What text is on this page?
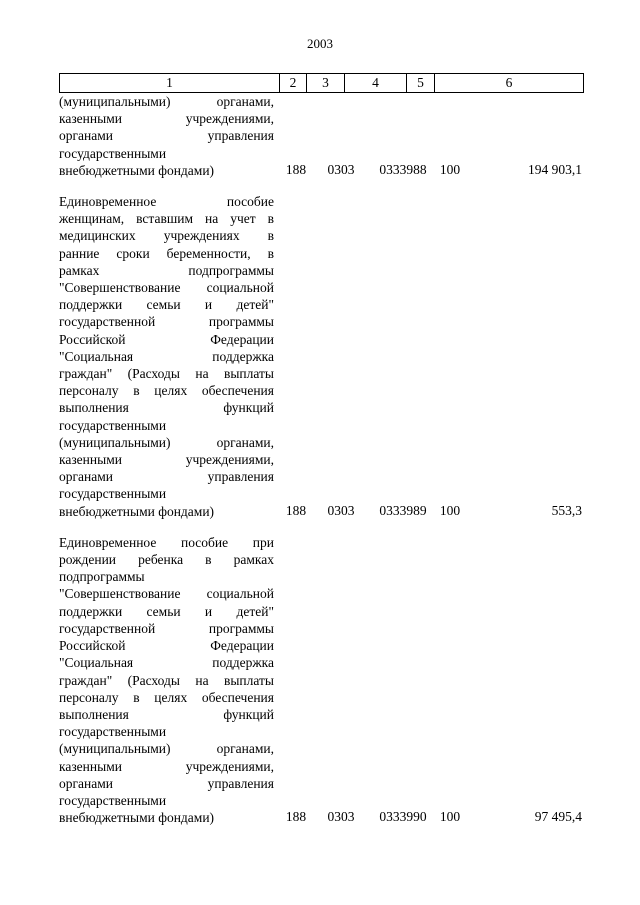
2003
1	2	3	4	5	6
(муниципальными) органами,
казенными учреждениями,
органами управления
государственными
внебюджетными фондами)	188	0303	0333988 100	194 903,1
Единовременное пособие
женщинам, вставшим на учет в
медицинских учреждениях в
ранние сроки беременности, в
рамках подпрограммы
"Совершенствование социальной
поддержки семьи и детей"
государственной программы
Российской Федерации
"Социальная поддержка
граждан" (Расходы на выплаты
персоналу в целях обеспечения
выполнения функций
государственными
(муниципальными) органами,
казенными учреждениями,
органами управления
государственными
внебюджетными фондами)	188	0303	0333989 100	553,3
Единовременное пособие при
рождении ребенка в рамках
подпрограммы
"Совершенствование социальной
поддержки семьи и детей"
государственной программы
Российской Федерации
"Социальная поддержка
граждан" (Расходы на выплаты
персоналу в целях обеспечения
выполнения функций
государственными
(муниципальными) органами,
казенными учреждениями,
органами управления
государственными
внебюджетными фондами)	188	0303	0333990 100	97 495,4
